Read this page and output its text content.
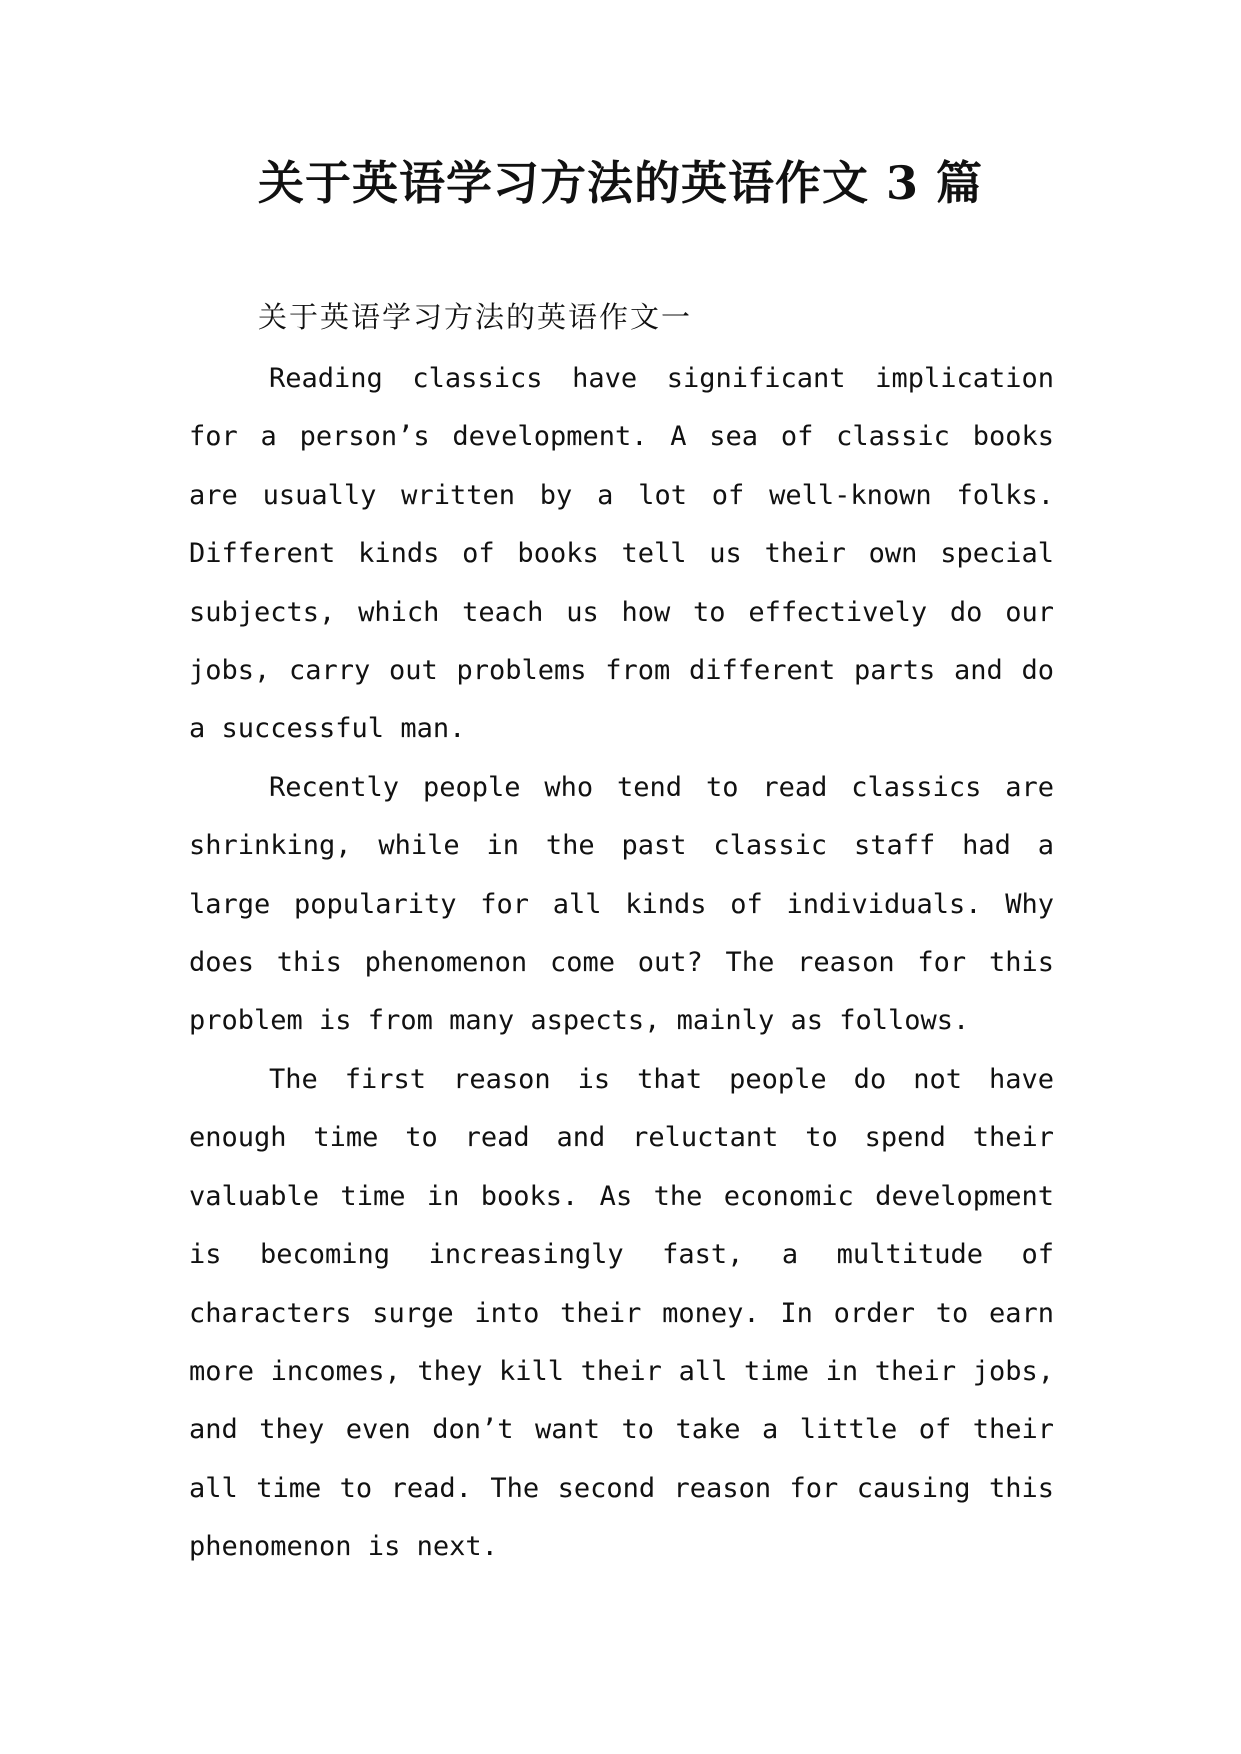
关于英语学习方法的英语作文 3 篇
关于英语学习方法的英语作文一

Reading classics have significant implication for a person’s development. A sea of classic books are usually written by a lot of well-known folks. Different kinds of books tell us their own special subjects, which teach us how to effectively do our jobs, carry out problems from different parts and do a successful man.

Recently people who tend to read classics are shrinking, while in the past classic staff had a large popularity for all kinds of individuals. Why does this phenomenon come out? The reason for this problem is from many aspects, mainly as follows.

The first reason is that people do not have enough time to read and reluctant to spend their valuable time in books. As the economic development is becoming increasingly fast, a multitude of characters surge into their money. In order to earn more incomes, they kill their all time in their jobs, and they even don’t want to take a little of their all time to read. The second reason for causing this phenomenon is next.
